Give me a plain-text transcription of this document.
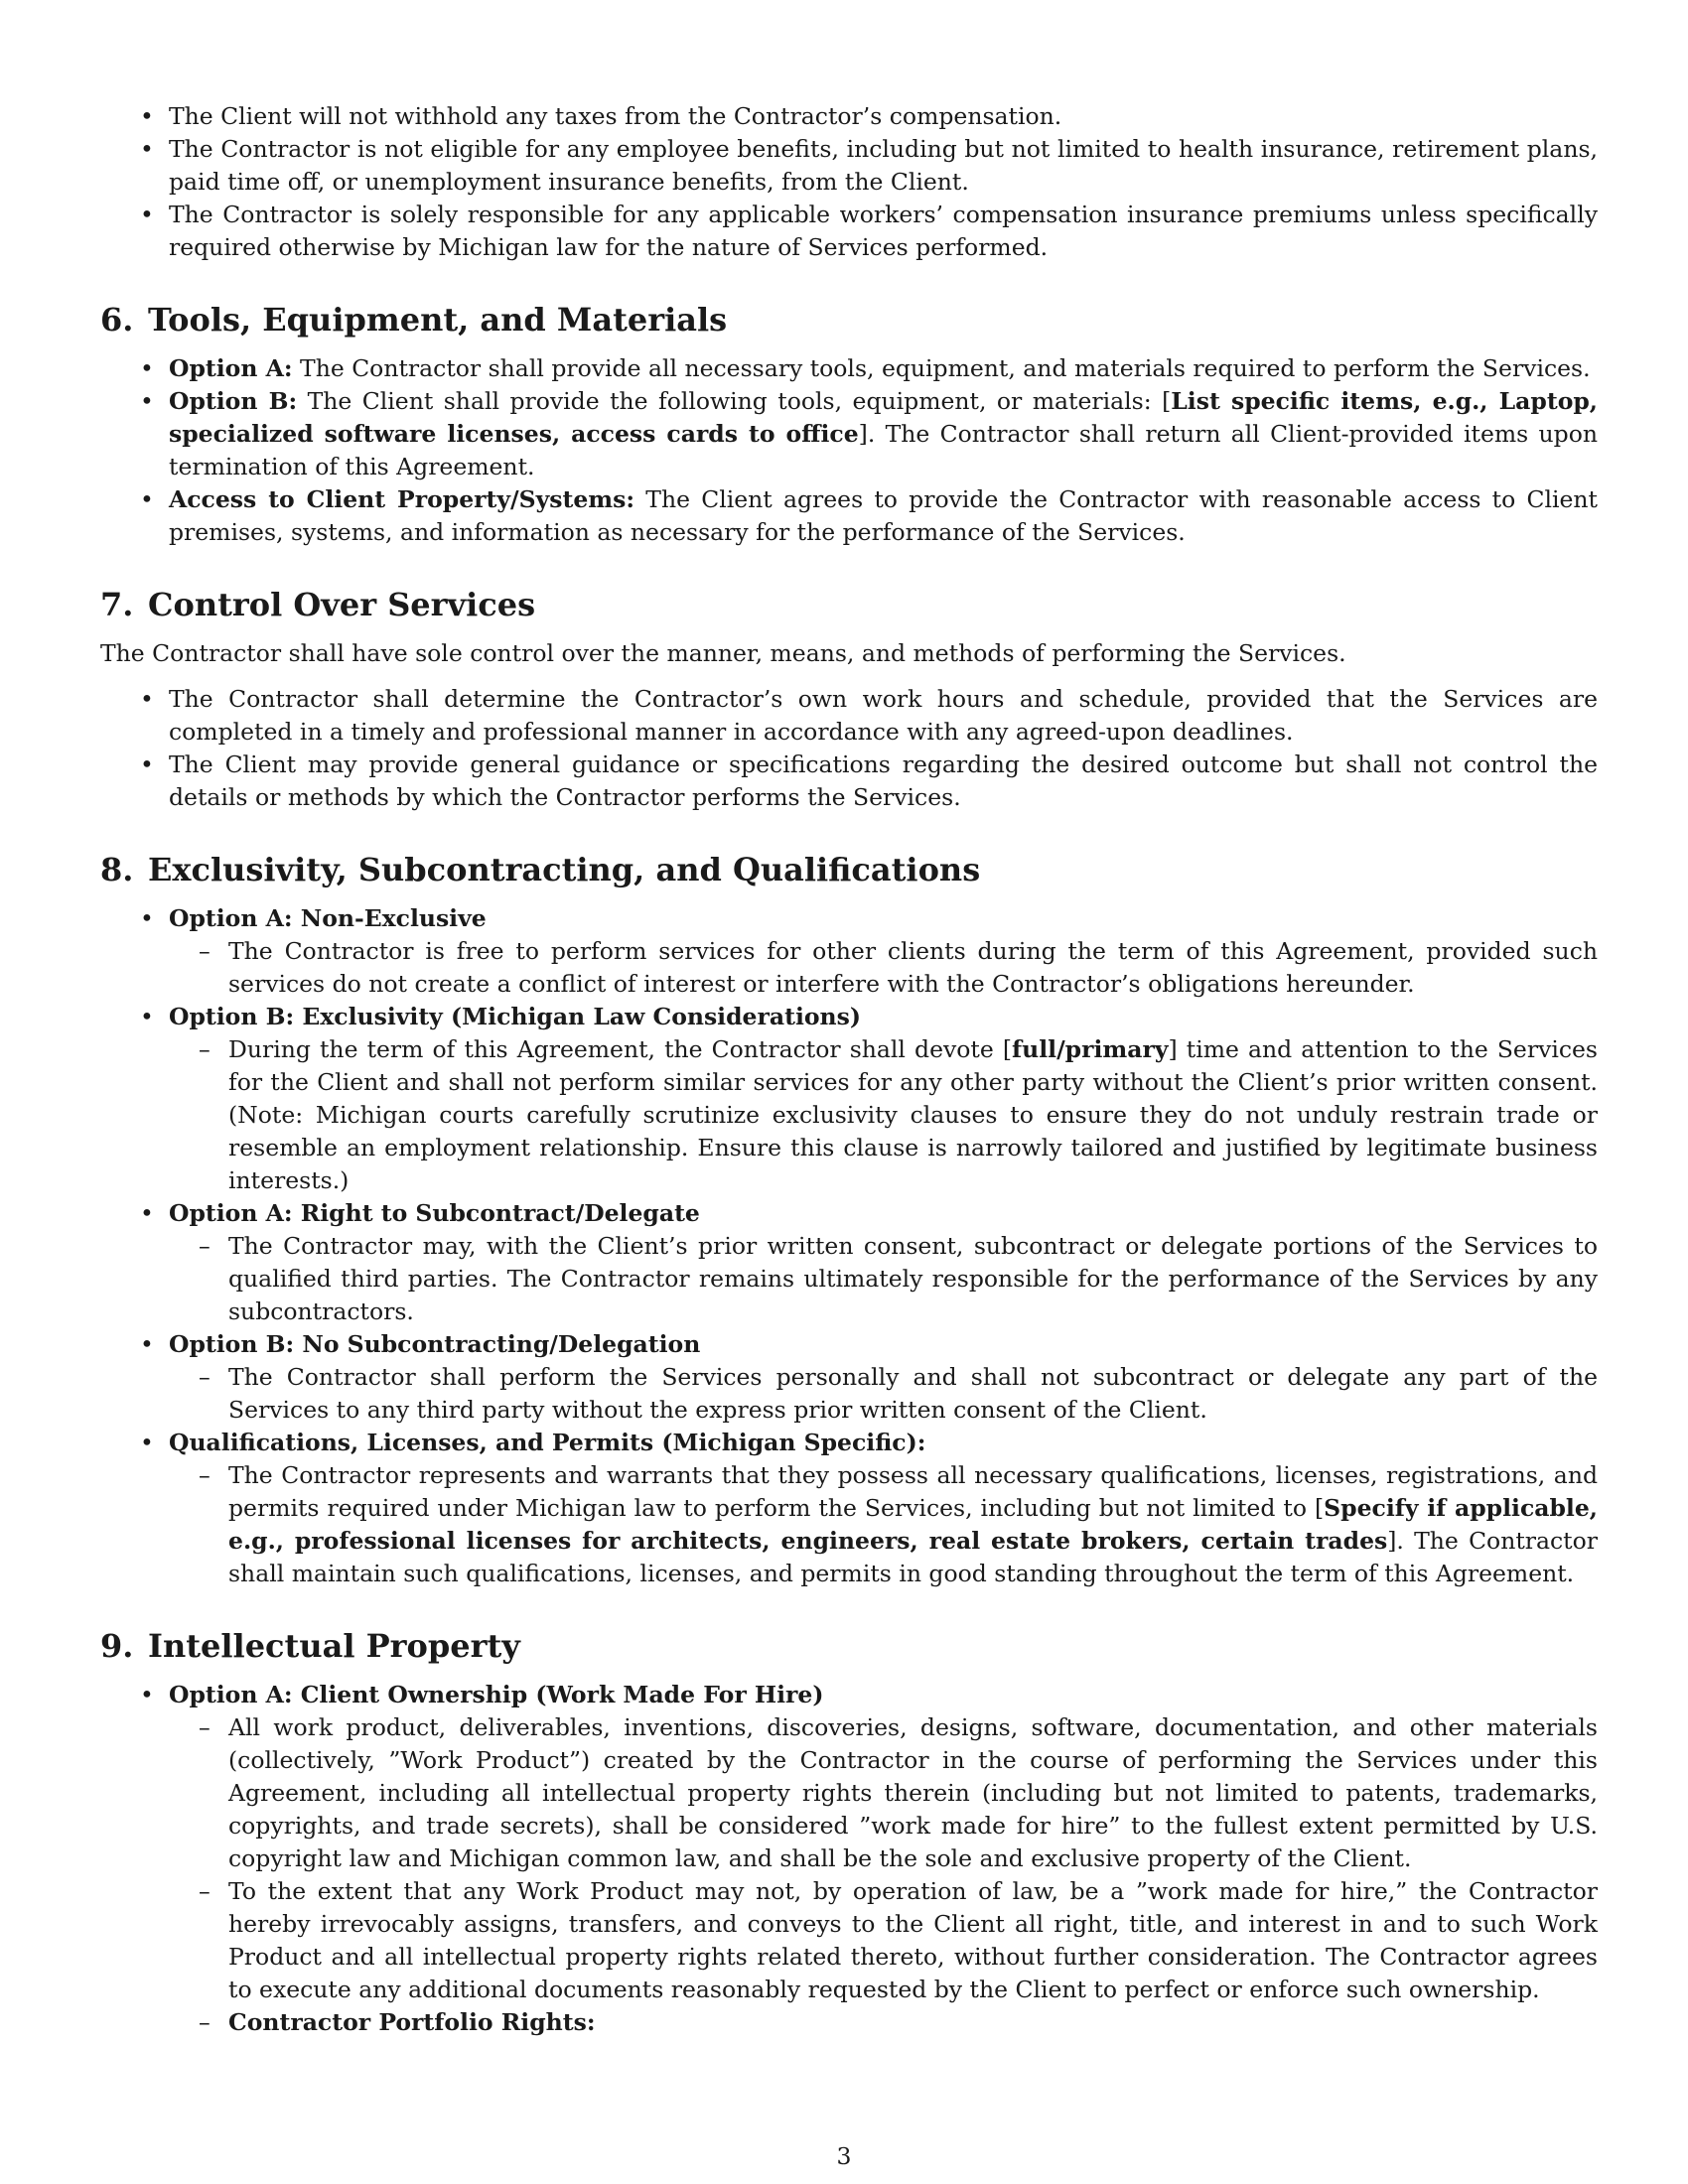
• The Client will not withhold any taxes from the Contractor’s compensation.
• The Contractor is not eligible for any employee benefits, including but not limited to health insurance, retirement plans, paid time off, or unemployment insurance benefits, from the Client.
• The Contractor is solely responsible for any applicable workers’ compensation insurance premiums unless specifically required otherwise by Michigan law for the nature of Services performed.
6. Tools, Equipment, and Materials
• Option A: The Contractor shall provide all necessary tools, equipment, and materials required to perform the Services.
• Option B: The Client shall provide the following tools, equipment, or materials: [List specific items, e.g., Laptop, specialized software licenses, access cards to office]. The Contractor shall return all Client-provided items upon termination of this Agreement.
• Access to Client Property/Systems: The Client agrees to provide the Contractor with reasonable access to Client premises, systems, and information as necessary for the performance of the Services.
7. Control Over Services

The Contractor shall have sole control over the manner, means, and methods of performing the Services.

• The Contractor shall determine the Contractor’s own work hours and schedule, provided that the Services are completed in a timely and professional manner in accordance with any agreed-upon deadlines.
• The Client may provide general guidance or specifications regarding the desired outcome but shall not control the details or methods by which the Contractor performs the Services.
8. Exclusivity, Subcontracting, and Qualifications
• Option A: Non-Exclusive
– The Contractor is free to perform services for other clients during the term of this Agreement, provided such services do not create a conflict of interest or interfere with the Contractor’s obligations hereunder.
• Option B: Exclusivity (Michigan Law Considerations)
– During the term of this Agreement, the Contractor shall devote [full/primary] time and attention to the Services for the Client and shall not perform similar services for any other party without the Client’s prior written consent. (Note: Michigan courts carefully scrutinize exclusivity clauses to ensure they do not unduly restrain trade or resemble an employment relationship. Ensure this clause is narrowly tailored and justified by legitimate business interests.)
• Option A: Right to Subcontract/Delegate
– The Contractor may, with the Client’s prior written consent, subcontract or delegate portions of the Services to qualified third parties. The Contractor remains ultimately responsible for the performance of the Services by any subcontractors.
• Option B: No Subcontracting/Delegation
– The Contractor shall perform the Services personally and shall not subcontract or delegate any part of the Services to any third party without the express prior written consent of the Client.
• Qualifications, Licenses, and Permits (Michigan Specific):
– The Contractor represents and warrants that they possess all necessary qualifications, licenses, registrations, and permits required under Michigan law to perform the Services, including but not limited to [Specify if applicable, e.g., professional licenses for architects, engineers, real estate brokers, certain trades]. The Contractor shall maintain such qualifications, licenses, and permits in good standing throughout the term of this Agreement.
9. Intellectual Property
• Option A: Client Ownership (Work Made For Hire)
– All work product, deliverables, inventions, discoveries, designs, software, documentation, and other materials (collectively, ”Work Product”) created by the Contractor in the course of performing the Services under this Agreement, including all intellectual property rights therein (including but not limited to patents, trademarks, copyrights, and trade secrets), shall be considered ”work made for hire” to the fullest extent permitted by U.S. copyright law and Michigan common law, and shall be the sole and exclusive property of the Client.
– To the extent that any Work Product may not, by operation of law, be a ”work made for hire,” the Contractor hereby irrevocably assigns, transfers, and conveys to the Client all right, title, and interest in and to such Work Product and all intellectual property rights related thereto, without further consideration. The Contractor agrees to execute any additional documents reasonably requested by the Client to perfect or enforce such ownership.
– Contractor Portfolio Rights:
3
